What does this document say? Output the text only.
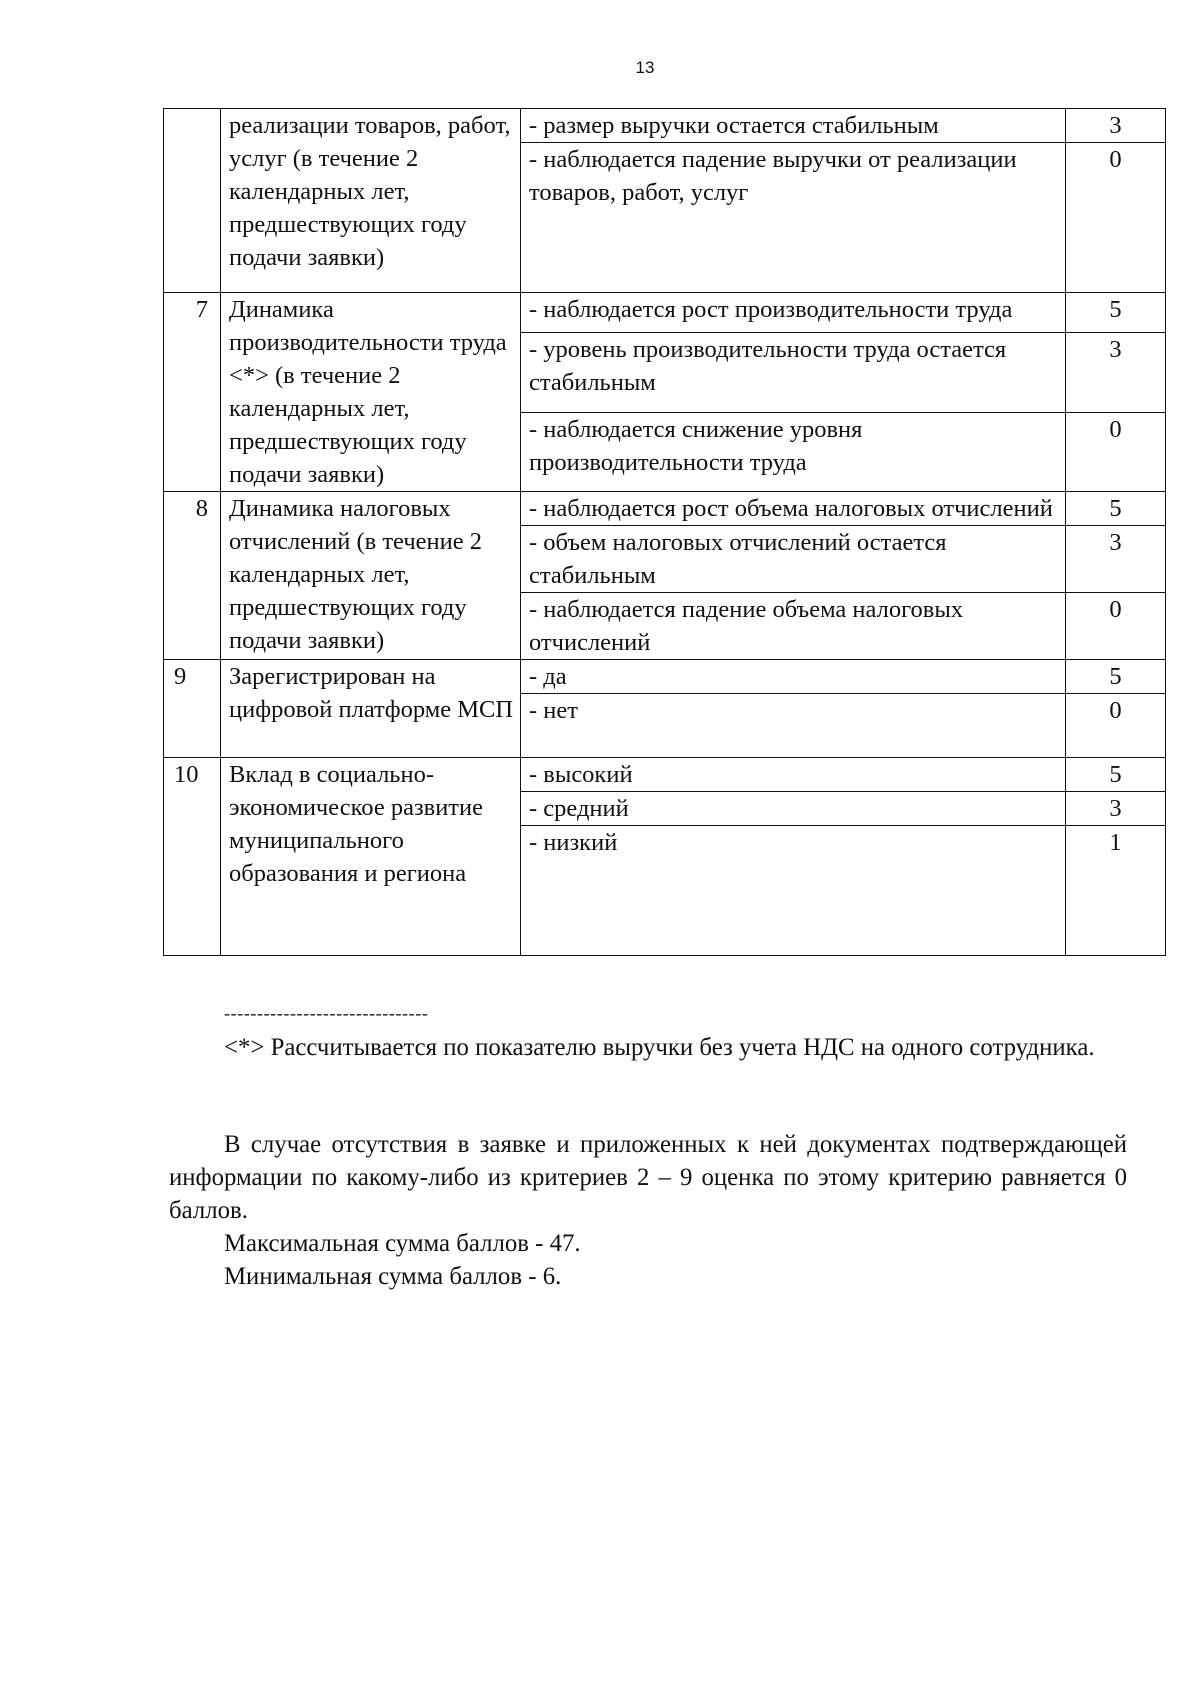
13
	реализации товаров, работ, услуг (в течение 2 календарных лет, предшествующих году подачи заявки)	- размер выручки остается стабильным	3
		- наблюдается падение выручки от реализации товаров, работ, услуг	0
7	Динамика производительности труда <*> (в течение 2 календарных лет, предшествующих году подачи заявки)	- наблюдается рост производительности труда	5
		- уровень производительности труда остается стабильным	3
		- наблюдается снижение уровня производительности труда	0
8	Динамика налоговых отчислений (в течение 2 календарных лет, предшествующих году подачи заявки)	- наблюдается рост объема налоговых отчислений	5
		- объем налоговых отчислений остается стабильным	3
		- наблюдается падение объема налоговых отчислений	0
9	Зарегистрирован на цифровой платформе МСП	- да	5
		- нет	0
10	Вклад в социально-экономическое развитие муниципального образования и региона	- высокий	5
		- средний	3
		- низкий	1
-------------------------------
<*> Рассчитывается по показателю выручки без учета НДС на одного сотрудника.
В случае отсутствия в заявке и приложенных к ней документах подтверждающей информации по какому-либо из критериев 2 – 9 оценка по этому критерию равняется 0 баллов.
Максимальная сумма баллов - 47.
Минимальная сумма баллов - 6.
